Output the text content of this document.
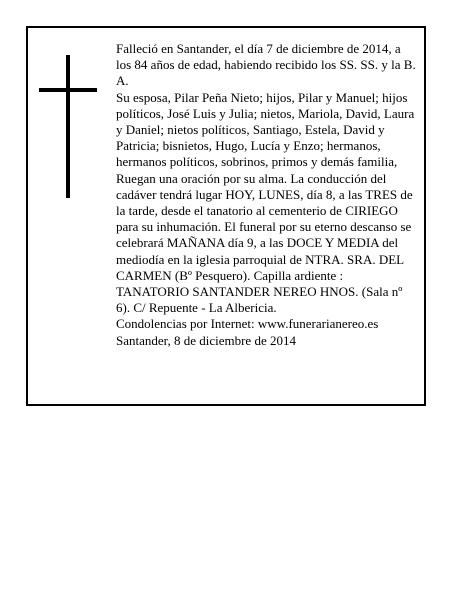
Falleció en Santander, el día 7 de diciembre de 2014, a los 84 años de edad, habiendo recibido los SS. SS. y la B. A.

Su esposa, Pilar Peña Nieto; hijos, Pilar y Manuel; hijos políticos, José Luis y Julia; nietos, Mariola, David, Laura y Daniel; nietos políticos, Santiago, Estela, David y Patricia; bisnietos, Hugo, Lucía y Enzo; hermanos, hermanos políticos, sobrinos, primos y demás familia, Ruegan una oración por su alma. La conducción del cadáver tendrá lugar HOY, LUNES, día 8, a las TRES de la tarde, desde el tanatorio al cementerio de CIRIEGO para su inhumación. El funeral por su eterno descanso se celebrará MAÑANA día 9, a las DOCE Y MEDIA del mediodía en la iglesia parroquial de NTRA. SRA. DEL CARMEN (Bº Pesquero). Capilla ardiente : TANATORIO SANTANDER NEREO HNOS. (Sala nº 6). C/ Repuente - La Albericia.

Condolencias por Internet: www.funerarianereo.es

Santander, 8 de diciembre de 2014
